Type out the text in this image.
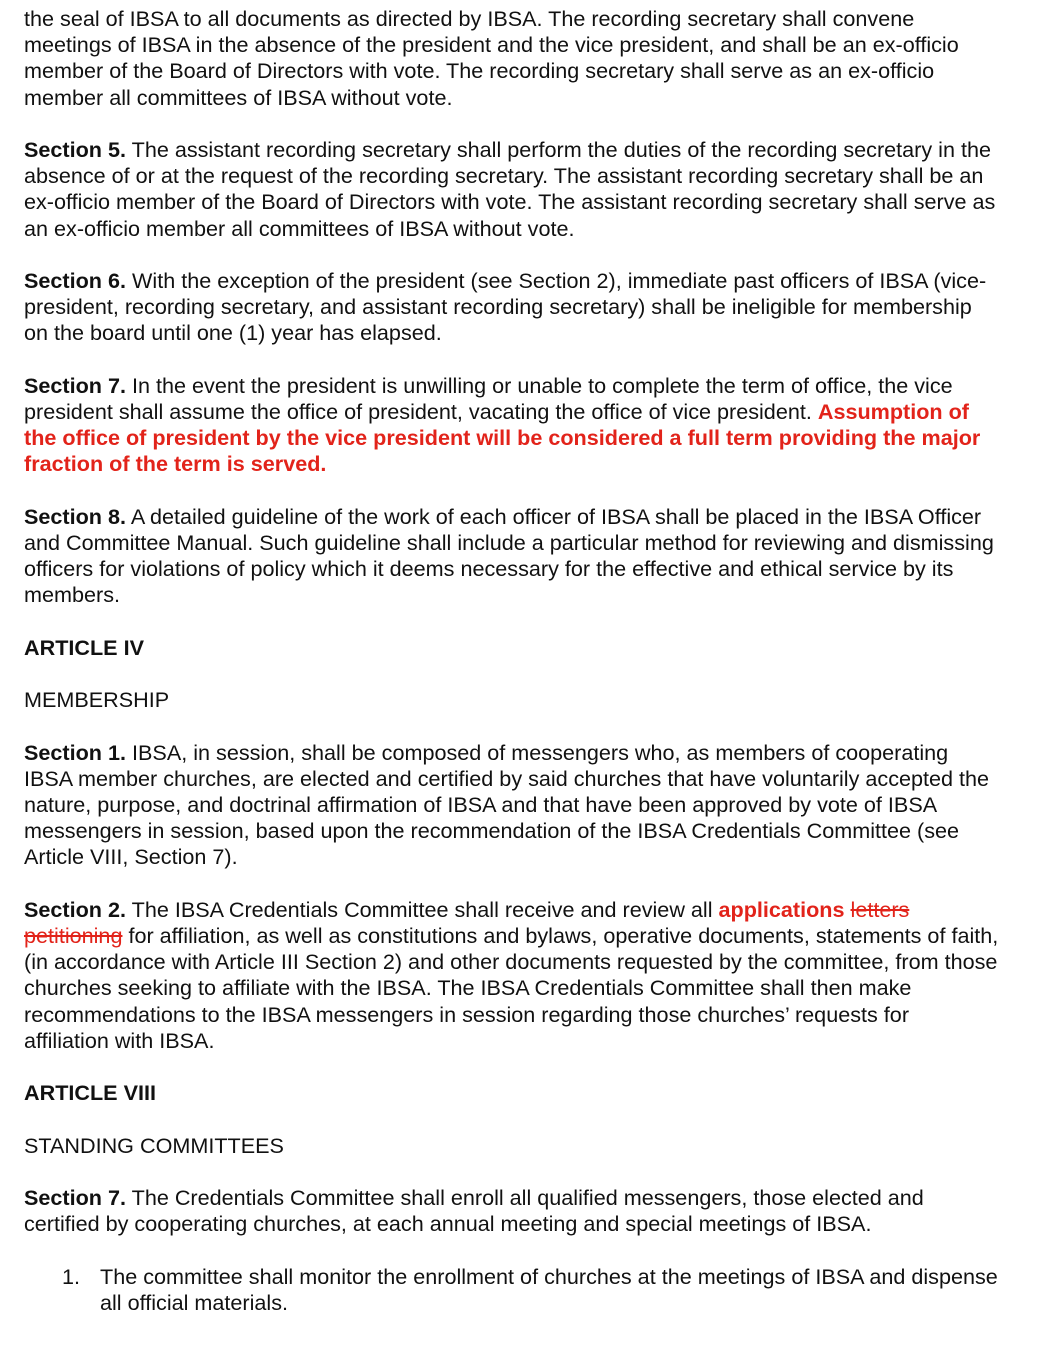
the seal of IBSA to all documents as directed by IBSA. The recording secretary shall convene meetings of IBSA in the absence of the president and the vice president, and shall be an ex-officio member of the Board of Directors with vote. The recording secretary shall serve as an ex-officio member all committees of IBSA without vote.

Section 5. The assistant recording secretary shall perform the duties of the recording secretary in the absence of or at the request of the recording secretary. The assistant recording secretary shall be an ex-officio member of the Board of Directors with vote. The assistant recording secretary shall serve as an ex-officio member all committees of IBSA without vote.

Section 6. With the exception of the president (see Section 2), immediate past officers of IBSA (vice-president, recording secretary, and assistant recording secretary) shall be ineligible for membership on the board until one (1) year has elapsed.

Section 7. In the event the president is unwilling or unable to complete the term of office, the vice president shall assume the office of president, vacating the office of vice president. Assumption of the office of president by the vice president will be considered a full term providing the major fraction of the term is served.

Section 8. A detailed guideline of the work of each officer of IBSA shall be placed in the IBSA Officer and Committee Manual. Such guideline shall include a particular method for reviewing and dismissing officers for violations of policy which it deems necessary for the effective and ethical service by its members.

ARTICLE IV

MEMBERSHIP

Section 1. IBSA, in session, shall be composed of messengers who, as members of cooperating IBSA member churches, are elected and certified by said churches that have voluntarily accepted the nature, purpose, and doctrinal affirmation of IBSA and that have been approved by vote of IBSA messengers in session, based upon the recommendation of the IBSA Credentials Committee (see Article VIII, Section 7).

Section 2. The IBSA Credentials Committee shall receive and review all applications letters petitioning for affiliation, as well as constitutions and bylaws, operative documents, statements of faith, (in accordance with Article III Section 2) and other documents requested by the committee, from those churches seeking to affiliate with the IBSA. The IBSA Credentials Committee shall then make recommendations to the IBSA messengers in session regarding those churches’ requests for affiliation with IBSA.

ARTICLE VIII

STANDING COMMITTEES

Section 7. The Credentials Committee shall enroll all qualified messengers, those elected and certified by cooperating churches, at each annual meeting and special meetings of IBSA.

1. The committee shall monitor the enrollment of churches at the meetings of IBSA and dispense all official materials.
